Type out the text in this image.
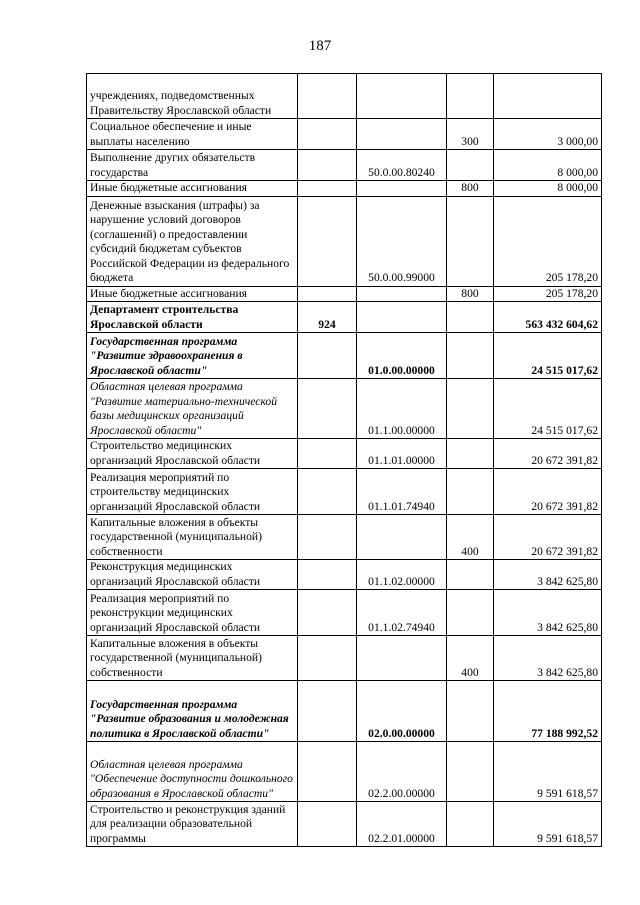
187
учреждениях, подведомственных Правительству Ярославской области				
Социальное обеспечение и иные выплаты населению			300	3 000,00
Выполнение других обязательств государства		50.0.00.80240		8 000,00
Иные бюджетные ассигнования			800	8 000,00
Денежные взыскания (штрафы) за нарушение условий договоров (соглашений) о предоставлении субсидий бюджетам субъектов Российской Федерации из федерального бюджета		50.0.00.99000		205 178,20
Иные бюджетные ассигнования			800	205 178,20
Департамент строительства Ярославской области	924			563 432 604,62
Государственная программа "Развитие здравоохранения в Ярославской области"		01.0.00.00000		24 515 017,62
Областная целевая программа "Развитие материально-технической базы медицинских организаций Ярославской области"		01.1.00.00000		24 515 017,62
Строительство медицинских организаций Ярославской области		01.1.01.00000		20 672 391,82
Реализация мероприятий по строительству медицинских организаций Ярославской области		01.1.01.74940		20 672 391,82
Капитальные вложения в объекты государственной (муниципальной) собственности			400	20 672 391,82
Реконструкция медицинских организаций Ярославской области		01.1.02.00000		3 842 625,80
Реализация мероприятий по реконструкции медицинских организаций Ярославской области		01.1.02.74940		3 842 625,80
Капитальные вложения в объекты государственной (муниципальной) собственности			400	3 842 625,80
Государственная программа "Развитие образования и молодежная политика в Ярославской области"		02.0.00.00000		77 188 992,52
Областная целевая программа "Обеспечение доступности дошкольного образования в Ярославской области"		02.2.00.00000		9 591 618,57
Строительство и реконструкция зданий для реализации образовательной программы		02.2.01.00000		9 591 618,57
